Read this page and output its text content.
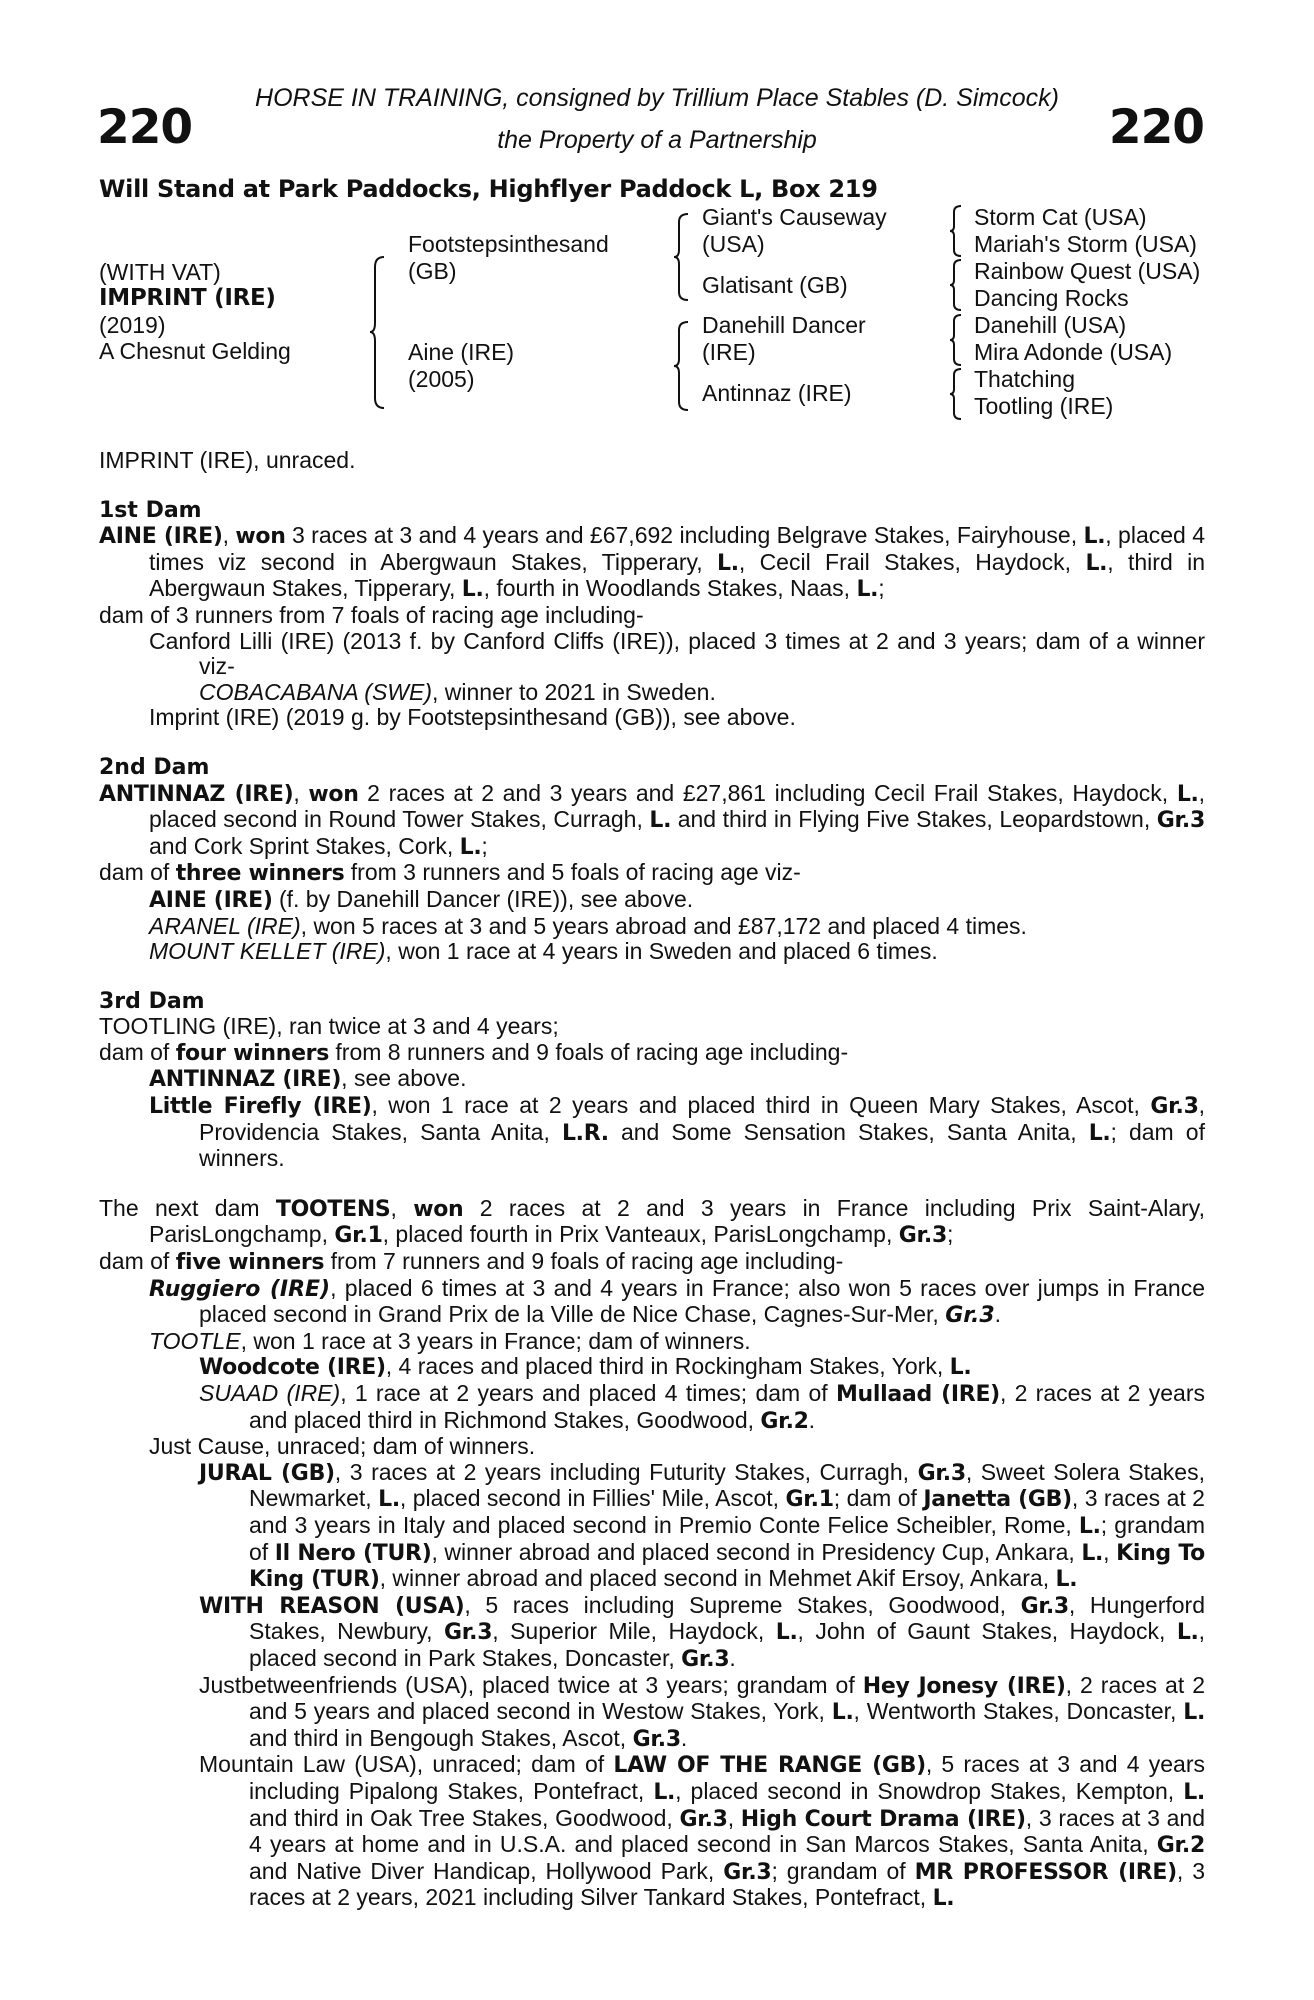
HORSE IN TRAINING, consigned by Trillium Place Stables (D. Simcock)
the Property of a Partnership
220	220
Will Stand at Park Paddocks, Highflyer Paddock L, Box 219
(WITH VAT)
IMPRINT (IRE)
(2019)
A Chesnut Gelding
Footstepsinthesand
(GB)
Aine (IRE)
(2005)
Giant's Causeway
(USA)
Glatisant (GB)
Danehill Dancer
(IRE)
Antinnaz (IRE)
Storm Cat (USA)
Mariah's Storm (USA)
Rainbow Quest (USA)
Dancing Rocks
Danehill (USA)
Mira Adonde (USA)
Thatching
Tootling (IRE)

IMPRINT (IRE), unraced.

1st Dam

AINE (IRE), won 3 races at 3 and 4 years and £67,692 including Belgrave Stakes, Fairyhouse, L., placed 4 times viz second in Abergwaun Stakes, Tipperary, L., Cecil Frail Stakes, Haydock, L., third in Abergwaun Stakes, Tipperary, L., fourth in Woodlands Stakes, Naas, L.;

dam of 3 runners from 7 foals of racing age including-

Canford Lilli (IRE) (2013 f. by Canford Cliffs (IRE)), placed 3 times at 2 and 3 years; dam of a winner viz-

COBACABANA (SWE), winner to 2021 in Sweden.

Imprint (IRE) (2019 g. by Footstepsinthesand (GB)), see above.

2nd Dam

ANTINNAZ (IRE), won 2 races at 2 and 3 years and £27,861 including Cecil Frail Stakes, Haydock, L., placed second in Round Tower Stakes, Curragh, L. and third in Flying Five Stakes, Leopardstown, Gr.3 and Cork Sprint Stakes, Cork, L.;

dam of three winners from 3 runners and 5 foals of racing age viz-

AINE (IRE) (f. by Danehill Dancer (IRE)), see above.

ARANEL (IRE), won 5 races at 3 and 5 years abroad and £87,172 and placed 4 times.

MOUNT KELLET (IRE), won 1 race at 4 years in Sweden and placed 6 times.

3rd Dam

TOOTLING (IRE), ran twice at 3 and 4 years;

dam of four winners from 8 runners and 9 foals of racing age including-

ANTINNAZ (IRE), see above.

Little Firefly (IRE), won 1 race at 2 years and placed third in Queen Mary Stakes, Ascot, Gr.3, Providencia Stakes, Santa Anita, L.R. and Some Sensation Stakes, Santa Anita, L.; dam of winners.

The next dam TOOTENS, won 2 races at 2 and 3 years in France including Prix Saint-Alary, ParisLongchamp, Gr.1, placed fourth in Prix Vanteaux, ParisLongchamp, Gr.3;

dam of five winners from 7 runners and 9 foals of racing age including-

Ruggiero (IRE), placed 6 times at 3 and 4 years in France; also won 5 races over jumps in France placed second in Grand Prix de la Ville de Nice Chase, Cagnes-Sur-Mer, Gr.3.

TOOTLE, won 1 race at 3 years in France; dam of winners.

Woodcote (IRE), 4 races and placed third in Rockingham Stakes, York, L.

SUAAD (IRE), 1 race at 2 years and placed 4 times; dam of Mullaad (IRE), 2 races at 2 years and placed third in Richmond Stakes, Goodwood, Gr.2.

Just Cause, unraced; dam of winners.

JURAL (GB), 3 races at 2 years including Futurity Stakes, Curragh, Gr.3, Sweet Solera Stakes, Newmarket, L., placed second in Fillies' Mile, Ascot, Gr.1; dam of Janetta (GB), 3 races at 2 and 3 years in Italy and placed second in Premio Conte Felice Scheibler, Rome, L.; grandam of Il Nero (TUR), winner abroad and placed second in Presidency Cup, Ankara, L., King To King (TUR), winner abroad and placed second in Mehmet Akif Ersoy, Ankara, L.

WITH REASON (USA), 5 races including Supreme Stakes, Goodwood, Gr.3, Hungerford Stakes, Newbury, Gr.3, Superior Mile, Haydock, L., John of Gaunt Stakes, Haydock, L., placed second in Park Stakes, Doncaster, Gr.3.

Justbetweenfriends (USA), placed twice at 3 years; grandam of Hey Jonesy (IRE), 2 races at 2 and 5 years and placed second in Westow Stakes, York, L., Wentworth Stakes, Doncaster, L. and third in Bengough Stakes, Ascot, Gr.3.

Mountain Law (USA), unraced; dam of LAW OF THE RANGE (GB), 5 races at 3 and 4 years including Pipalong Stakes, Pontefract, L., placed second in Snowdrop Stakes, Kempton, L. and third in Oak Tree Stakes, Goodwood, Gr.3, High Court Drama (IRE), 3 races at 3 and 4 years at home and in U.S.A. and placed second in San Marcos Stakes, Santa Anita, Gr.2 and Native Diver Handicap, Hollywood Park, Gr.3; grandam of MR PROFESSOR (IRE), 3 races at 2 years, 2021 including Silver Tankard Stakes, Pontefract, L.
